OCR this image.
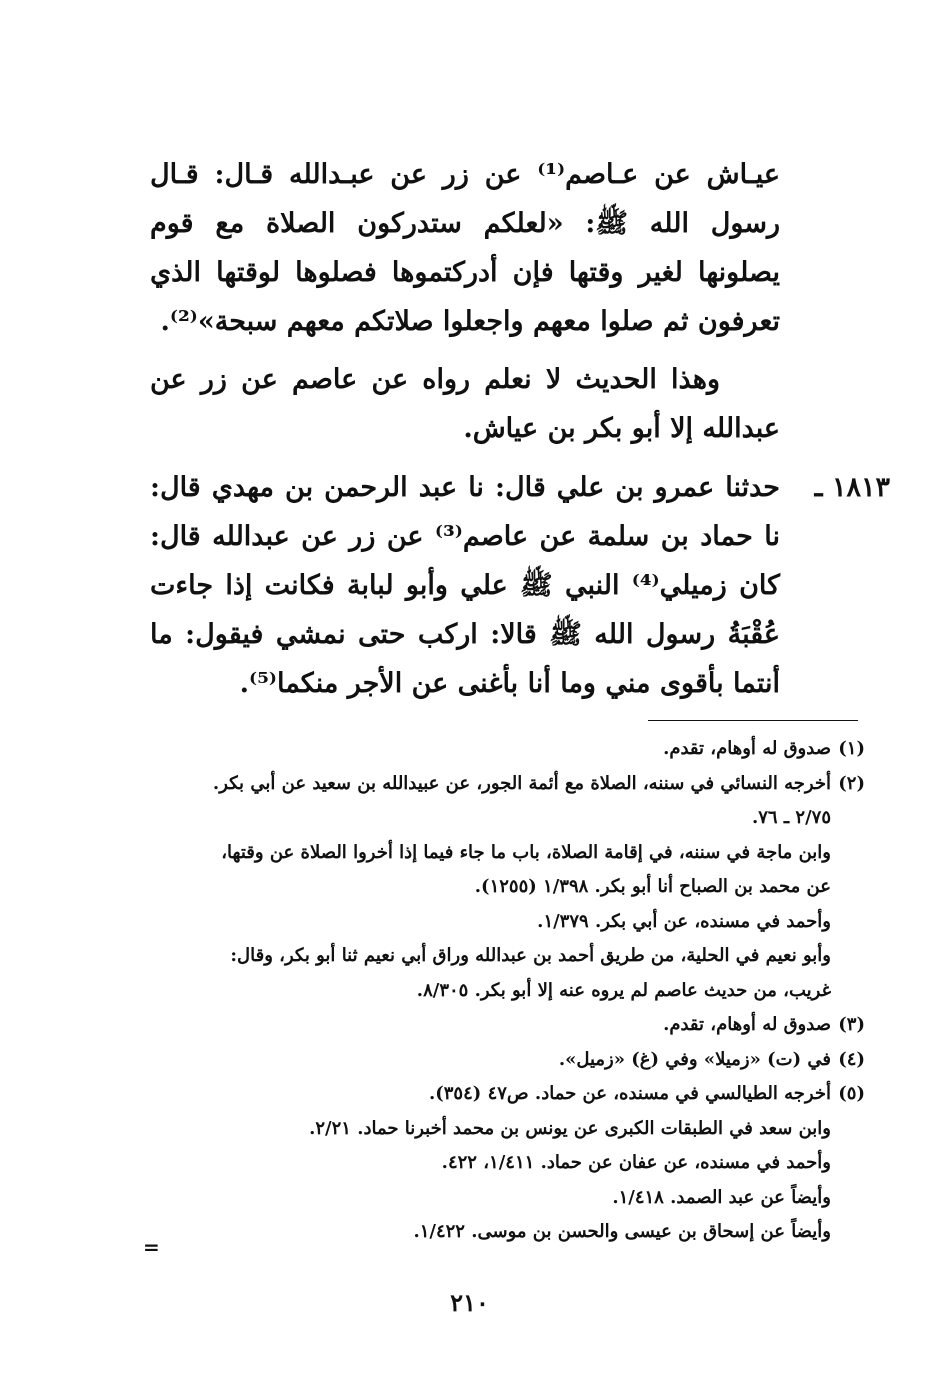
عيـاش عن عـاصم⁽¹⁾ عن زر عن عبـدالله قـال: قـال رسول الله ﷺ: «لعلكم ستدركون الصلاة مع قوم يصلونها لغير وقتها فإن أدركتموها فصلوها لوقتها الذي تعرفون ثم صلوا معهم واجعلوا صلاتكم معهم سبحة»⁽²⁾.
وهذا الحديث لا نعلم رواه عن عاصم عن زر عن عبدالله إلا أبو بكر بن عياش.
١٨١٣ ـ
حدثنا عمرو بن علي قال: نا عبد الرحمن بن مهدي قال: نا حماد بن سلمة عن عاصم⁽³⁾ عن زر عن عبدالله قال: كان زميلي⁽⁴⁾ النبي ﷺ علي وأبو لبابة فكانت إذا جاءت عُقْبَةُ رسول الله ﷺ قالا: اركب حتى نمشي فيقول: ما أنتما بأقوى مني وما أنا بأغنى عن الأجر منكما⁽⁵⁾.

(١)صدوق له أوهام، تقدم.

(٢)أخرجه النسائي في سننه، الصلاة مع أئمة الجور، عن عبيدالله بن سعيد عن أبي بكر.

٢/٧٥ ـ ٧٦.

وابن ماجة في سننه، في إقامة الصلاة، باب ما جاء فيما إذا أخروا الصلاة عن وقتها،

عن محمد بن الصباح أنا أبو بكر. ١/٣٩٨ (١٢٥٥).

وأحمد في مسنده، عن أبي بكر. ١/٣٧٩.

وأبو نعيم في الحلية، من طريق أحمد بن عبدالله وراق أبي نعيم ثنا أبو بكر، وقال:

غريب، من حديث عاصم لم يروه عنه إلا أبو بكر. ٨/٣٠٥.

(٣)صدوق له أوهام، تقدم.

(٤)في (ت) «زميلا» وفي (غ) «زميل».

(٥)أخرجه الطيالسي في مسنده، عن حماد. ص٤٧ (٣٥٤).

وابن سعد في الطبقات الكبرى عن يونس بن محمد أخبرنا حماد. ٢/٢١.

وأحمد في مسنده، عن عفان عن حماد. ١/٤١١، ٤٢٢.

وأيضاً عن عبد الصمد. ١/٤١٨.

وأيضاً عن إسحاق بن عيسى والحسن بن موسى. ١/٤٢٢.

=
٢١٠
